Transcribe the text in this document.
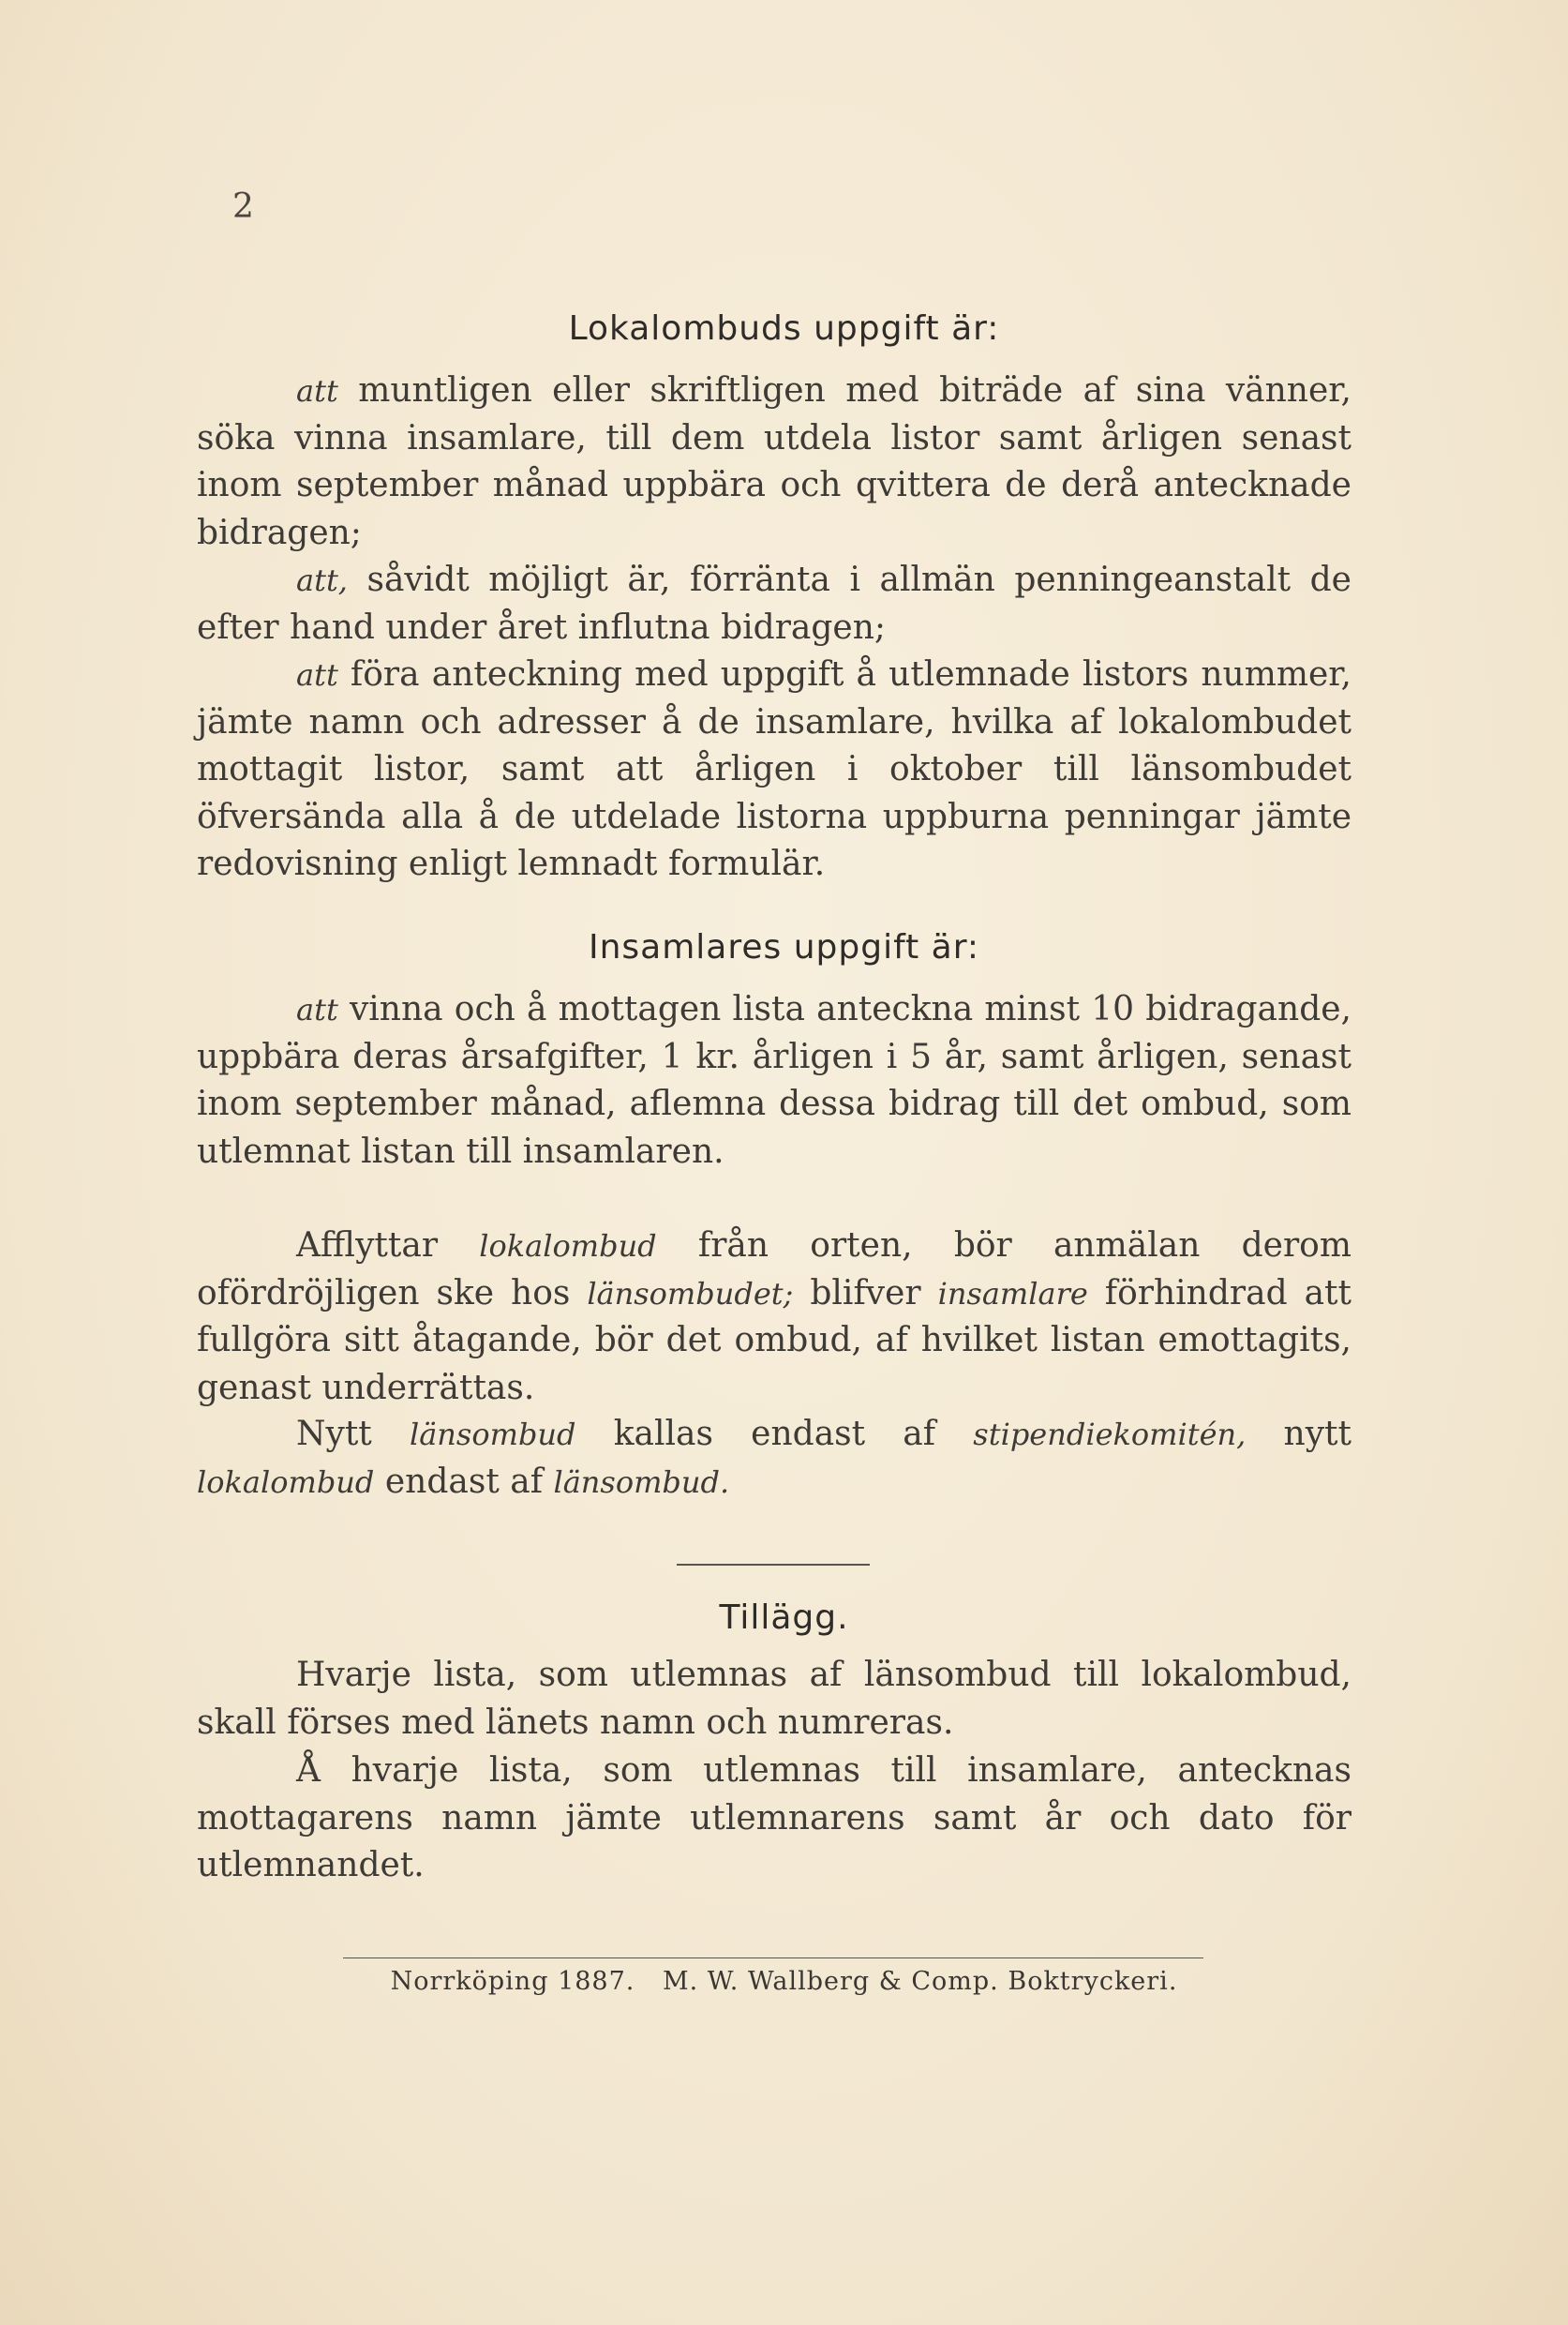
2
Lokalombuds uppgift är:
att muntligen eller skriftligen med biträde af sina vänner, söka vinna insamlare, till dem utdela listor samt årligen senast inom september månad uppbära och qvittera de derå antecknade bidragen;
att, såvidt möjligt är, förränta i allmän penningeanstalt de efter hand under året influtna bidragen;
att föra anteckning med uppgift å utlemnade listors nummer, jämte namn och adresser å de insamlare, hvilka af lokalombudet mottagit listor, samt att årligen i oktober till länsombudet öfversända alla å de utdelade listorna uppburna penningar jämte redovisning enligt lemnadt formulär.
Insamlares uppgift är:
att vinna och å mottagen lista anteckna minst 10 bidragande, uppbära deras årsafgifter, 1 kr. årligen i 5 år, samt årligen, senast inom september månad, aflemna dessa bidrag till det ombud, som utlemnat listan till insamlaren.
Afflyttar lokalombud från orten, bör anmälan derom ofördröjligen ske hos länsombudet; blifver insamlare förhindrad att fullgöra sitt åtagande, bör det ombud, af hvilket listan emottagits, genast underrättas.
Nytt länsombud kallas endast af stipendiekomitén, nytt lokalombud endast af länsombud.
Tillägg.
Hvarje lista, som utlemnas af länsombud till lokalombud, skall förses med länets namn och numreras.
Å hvarje lista, som utlemnas till insamlare, antecknas mottagarens namn jämte utlemnarens samt år och dato för utlemnandet.
Norrköping 1887. M. W. Wallberg & Comp. Boktryckeri.
